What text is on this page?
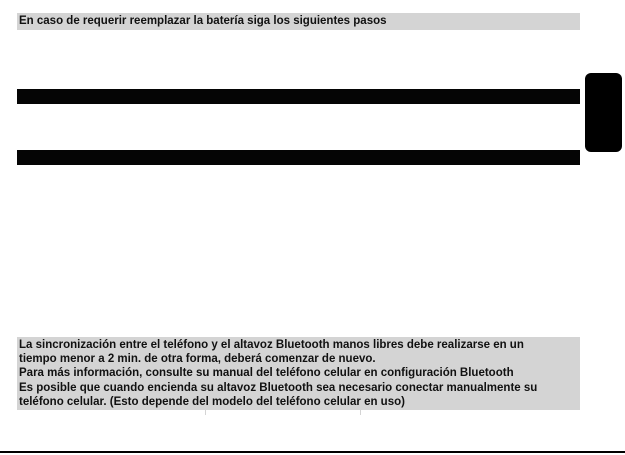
En caso de requerir reemplazar la batería siga los siguientes pasos
La sincronización entre el teléfono y el altavoz Bluetooth manos libres debe realizarse en un
tiempo menor a 2 min. de otra forma, deberá comenzar de nuevo.
Para más información, consulte su manual del teléfono celular en configuración Bluetooth
Es posible que cuando encienda su altavoz Bluetooth sea necesario conectar manualmente su
teléfono celular. (Esto depende del modelo del teléfono celular en uso)
